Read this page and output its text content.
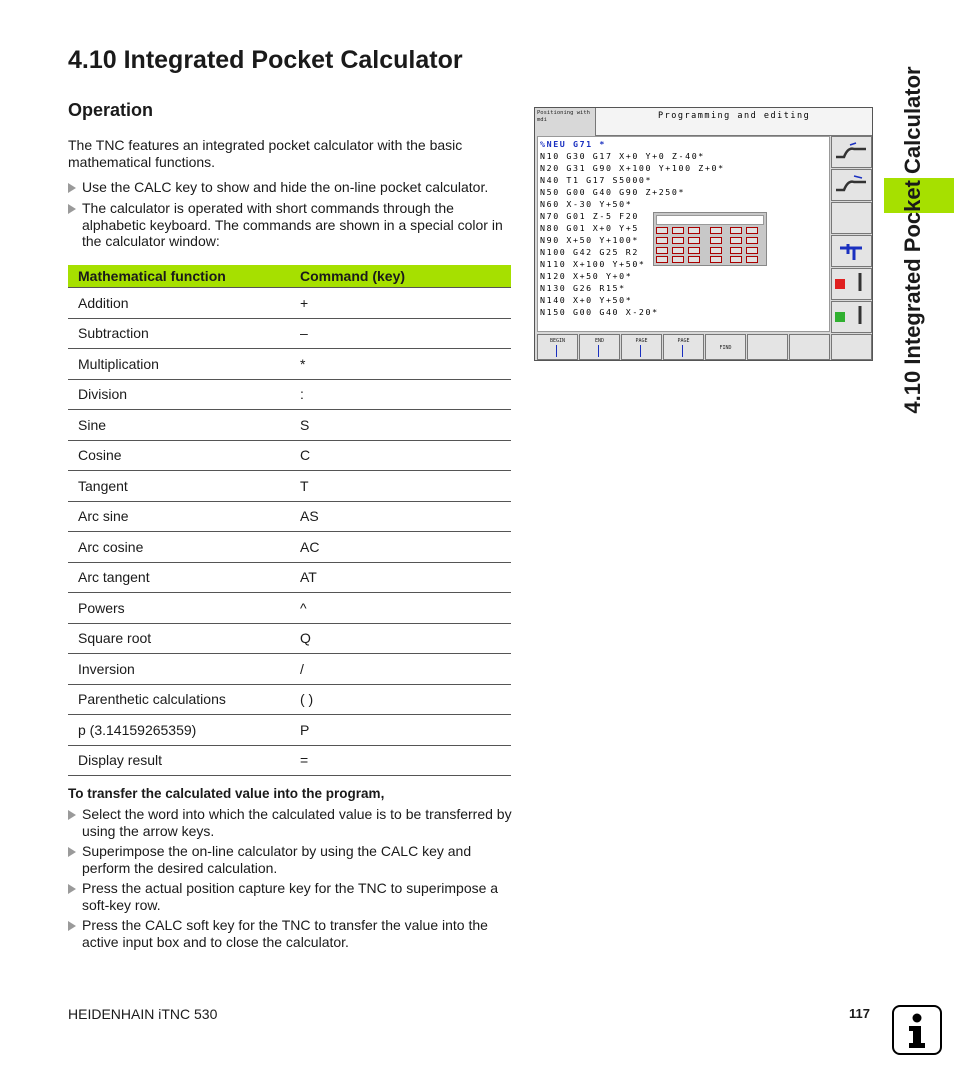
4.10 Integrated Pocket Calculator
Operation

The TNC features an integrated pocket calculator with the basic mathematical functions.

Use the CALC key to show and hide the on-line pocket calculator.
The calculator is operated with short commands through the alphabetic keyboard. The commands are shown in a special color in the calculator window:
Mathematical function	Command (key)
Addition	+
Subtraction	–
Multiplication	*
Division	:
Sine	S
Cosine	C
Tangent	T
Arc sine	AS
Arc cosine	AC
Arc tangent	AT
Powers	^
Square root	Q
Inversion	/
Parenthetic calculations	( )
p (3.14159265359)	P
Display result	=
To transfer the calculated value into the program,
Select the word into which the calculated value is to be transferred by using the arrow keys.
Superimpose the on-line calculator by using the CALC key and perform the desired calculation.
Press the actual position capture key for the TNC to superimpose a soft-key row.
Press the CALC soft key for the TNC to transfer the value into the active input box and to close the calculator.
Positioning with mdi	Programming and editing
%NEU G71 *
N10 G30 G17 X+0 Y+0 Z-40*
N20 G31 G90 X+100 Y+100 Z+0*
N40 T1 G17 S5000*
N50 G00 G40 G90 Z+250*
N60 X-30 Y+50*
N70 G01 Z-5 F20
N80 G01 X+0 Y+5
N90 X+50 Y+100*
N100 G42 G25 R2
N110 X+100 Y+50*
N120 X+50 Y+0*
N130 G26 R15*
N140 X+0 Y+50*
N150 G00 G40 X-20*
BEGIN	END	PAGE	PAGE
FIND	4.10 Integrated Pocket Calculator
HEIDENHAIN iTNC 530	117
